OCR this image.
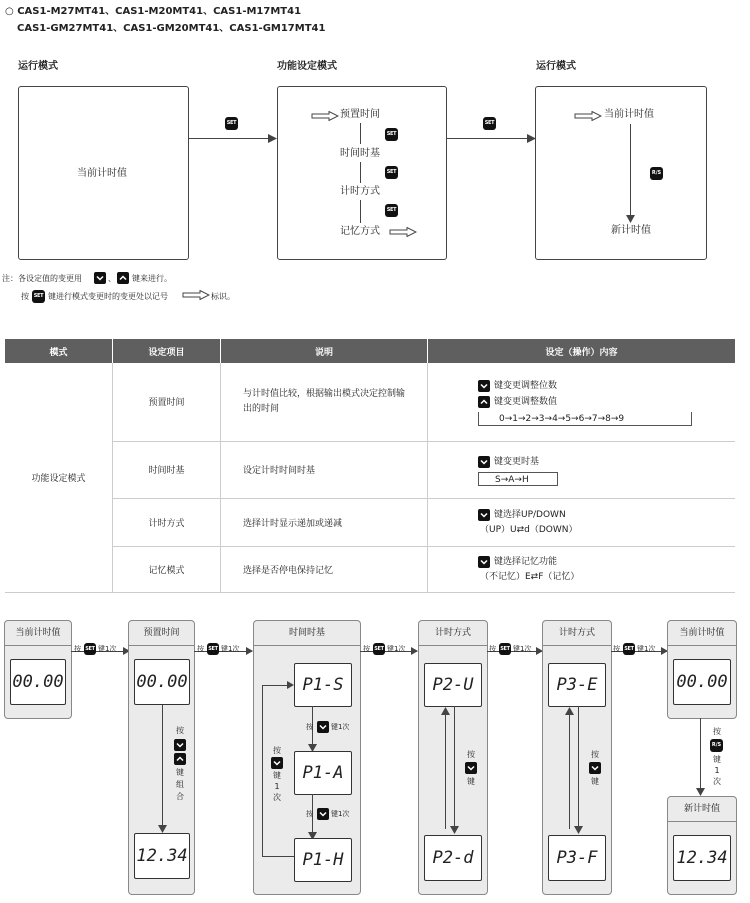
○ CAS1-M27MT41、CAS1-M20MT41、CAS1-M17MT41
CAS1-GM27MT41、CAS1-GM20MT41、CAS1-GM17MT41
运行模式	功能设定模式	运行模式
当前计时值
SET
预置时间
SET
时间时基
SET
计时方式
SET
记忆方式
SET
当前计时值
R/S
新计时值
注：各设定值的变更用	、 键来进行。
按 SET 键进行模式变更时的变更处以记号	标识。
模式	设定项目	说明	设定（操作）内容
功能设定模式	预置时间	与计时值比较，根据输出模式决定控制输出的时间	键变更调整位数
键变更调整数值
0→1→2→3→4→5→6→7→8→9

	时间时基	设定计时时间时基	键变更时基
S→A→H

	计时方式	选择计时显示递加或递减	键选择UP/DOWN
（UP）U⇄d（DOWN）

	记忆模式	选择是否停电保持记忆	键选择记忆功能
（不记忆）E⇄F（记忆）
当前计时值
00.00
按 SET 键1次
预置时间
00.00
按
键
组
合
12.34
按 SET 键1次
时间时基
P1-S
按	键1次
P1-A
按	键1次
P1-H
按
键
1
次
按 SET 键1次
计时方式
P2-U
按
键
P2-d
按 SET 键1次
计时方式
P3-E
按
键
P3-F
按 SET 键1次
当前计时值
00.00
按
R/S
键
1
次
新计时值
12.34
